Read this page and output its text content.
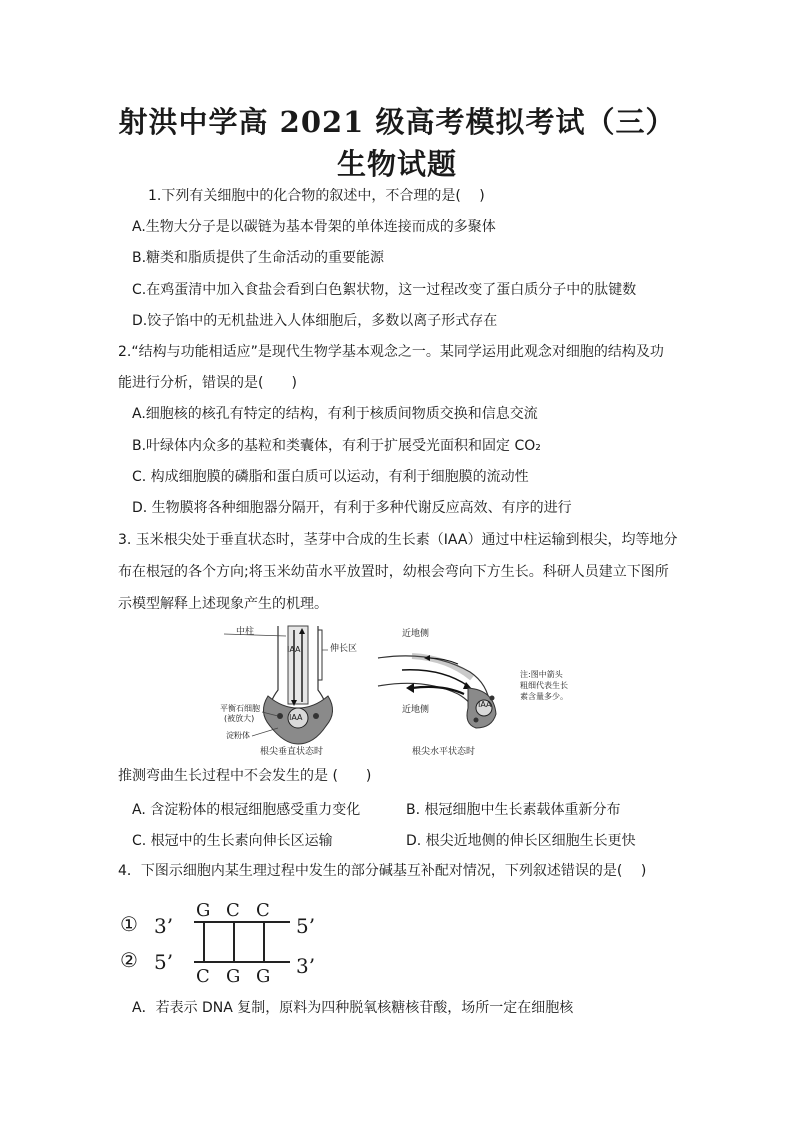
射洪中学高 2021 级高考模拟考试（三）
生物试题
1.下列有关细胞中的化合物的叙述中，不合理的是(　 )
A.生物大分子是以碳链为基本骨架的单体连接而成的多聚体
B.糖类和脂质提供了生命活动的重要能源
C.在鸡蛋清中加入食盐会看到白色絮状物，这一过程改变了蛋白质分子中的肽键数
D.饺子馅中的无机盐进入人体细胞后，多数以离子形式存在
2.“结构与功能相适应”是现代生物学基本观念之一。某同学运用此观念对细胞的结构及功
能进行分析，错误的是(　　)
A.细胞核的核孔有特定的结构，有利于核质间物质交换和信息交流
B.叶绿体内众多的基粒和类囊体，有利于扩展受光面积和固定 CO₂
C. 构成细胞膜的磷脂和蛋白质可以运动，有利于细胞膜的流动性
D. 生物膜将各种细胞器分隔开，有利于多种代谢反应高效、有序的进行
3. 玉米根尖处于垂直状态时，茎芽中合成的生长素（IAA）通过中柱运输到根尖，均等地分
布在根冠的各个方向;将玉米幼苗水平放置时，幼根会弯向下方生长。科研人员建立下图所
示模型解释上述现象产生的机理。
中柱
伸长区
IAA
IAA
平衡石细胞
(被放大)
淀粉体
根尖垂直状态时
近地侧
近地侧
IAA
注:图中箭头
粗细代表生长
素含量多少。
根尖水平状态时
推测弯曲生长过程中不会发生的是 (　　)
A. 含淀粉体的根冠细胞感受重力变化	B. 根冠细胞中生长素载体重新分布
C. 根冠中的生长素向伸长区运输	D. 根尖近地侧的伸长区细胞生长更快
4．下图示细胞内某生理过程中发生的部分碱基互补配对情况，下列叙述错误的是(　 )
① 3’
G C C
5’
② 5’
C G G 3’
A．若表示 DNA 复制，原料为四种脱氧核糖核苷酸，场所一定在细胞核
